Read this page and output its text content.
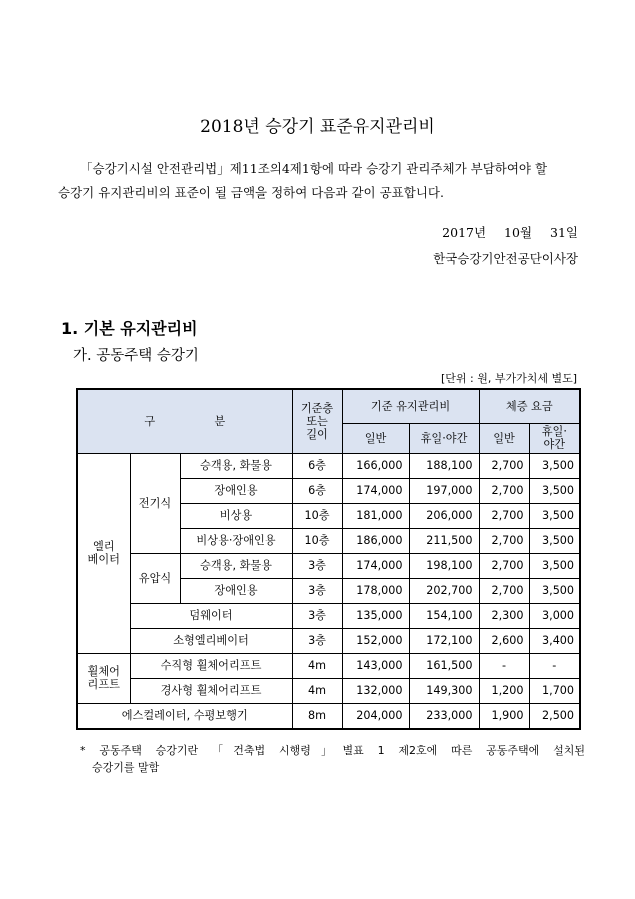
2018년 승강기 표준유지관리비
「승강기시설 안전관리법」제11조의4제1항에 따라 승강기 관리주체가 부담하여야 할
승강기 유지관리비의 표준이 될 금액을 정하여 다음과 같이 공표합니다.
2017년 10월 31일
한국승강기안전공단이사장
1. 기본 유지관리비
가. 공동주택 승강기
[단위 : 원, 부가가치세 별도]
구 분			기준층
또는
길이	기준 유지관리비		체증 요금	
				일반	휴일·야간	일반	휴일·
야간
엘리
베이터	전기식	승객용, 화물용	6층	166,000	188,100	2,700	3,500
		장애인용	6층	174,000	197,000	2,700	3,500
		비상용	10층	181,000	206,000	2,700	3,500
		비상용·장애인용	10층	186,000	211,500	2,700	3,500
	유압식	승객용, 화물용	3층	174,000	198,100	2,700	3,500
		장애인용	3층	178,000	202,700	2,700	3,500
	덤웨이터		3층	135,000	154,100	2,300	3,000
	소형엘리베이터		3층	152,000	172,100	2,600	3,400
휠체어
리프트	수직형 휠체어리프트		4m	143,000	161,500	-	-
	경사형 휠체어리프트		4m	132,000	149,300	1,200	1,700
에스컬레이터, 수평보행기			8m	204,000	233,000	1,900	2,500
* 공동주택 승강기란 「건축법 시행령」별표 1 제2호에 따른 공동주택에 설치된
승강기를 말함
